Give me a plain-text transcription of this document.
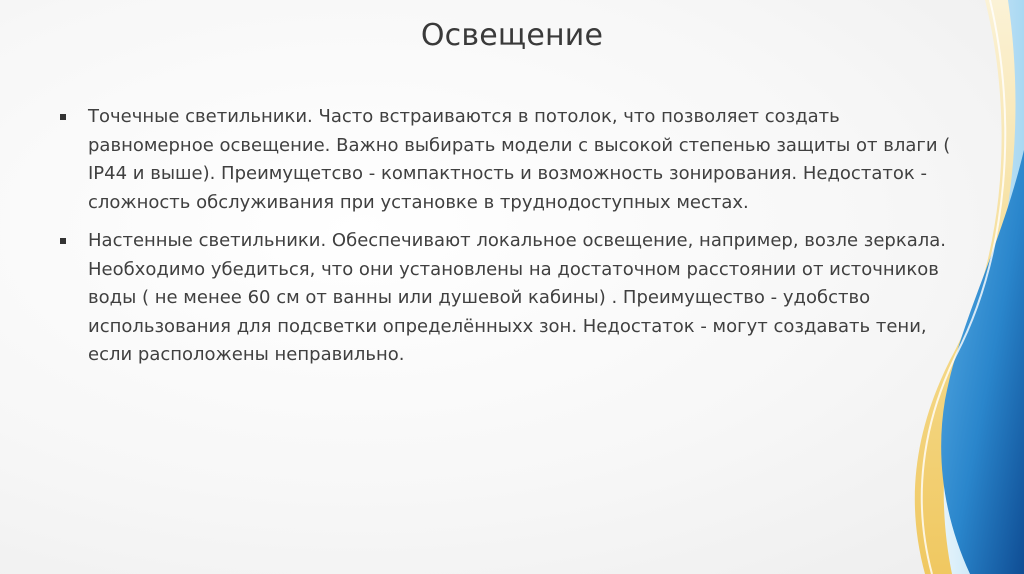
Освещение
Точечные светильники. Часто встраиваются в потолок, что позволяет создать равномерное освещение. Важно выбирать модели с высокой степенью защиты от влаги ( IP44 и выше). Преимущетсво - компактность и возможность зонирования. Недостаток - сложность обслуживания при установке в труднодоступных местах.
Настенные светильники. Обеспечивают локальное освещение, например, возле зеркала. Необходимо убедиться, что они установлены на достаточном расстоянии от источников воды ( не менее 60 см от ванны или душевой кабины) . Преимущество - удобство использования для подсветки определённыхх зон. Недостаток - могут создавать тени, если расположены неправильно.
